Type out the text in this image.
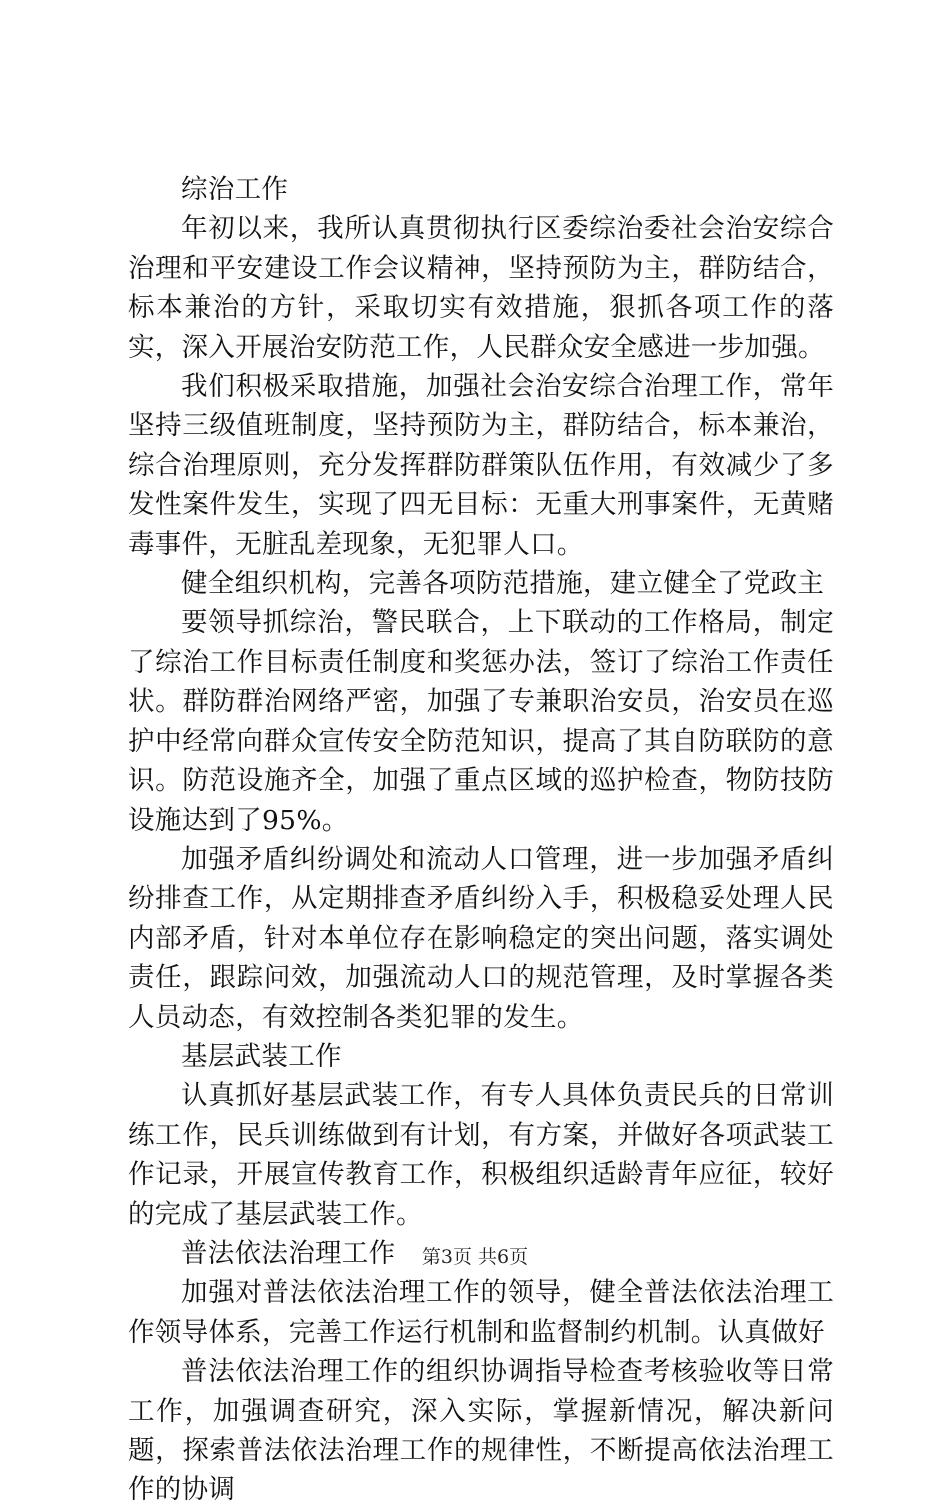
综治工作

年初以来，我所认真贯彻执行区委综治委社会治安综合治理和平安建设工作会议精神，坚持预防为主，群防结合，标本兼治的方针，采取切实有效措施，狠抓各项工作的落实，深入开展治安防范工作，人民群众安全感进一步加强。

我们积极采取措施，加强社会治安综合治理工作，常年坚持三级值班制度，坚持预防为主，群防结合，标本兼治，综合治理原则，充分发挥群防群策队伍作用，有效减少了多发性案件发生，实现了四无目标：无重大刑事案件，无黄赌毒事件，无脏乱差现象，无犯罪人口。

健全组织机构，完善各项防范措施，建立健全了党政主

要领导抓综治，警民联合，上下联动的工作格局，制定了综治工作目标责任制度和奖惩办法，签订了综治工作责任状。群防群治网络严密，加强了专兼职治安员，治安员在巡护中经常向群众宣传安全防范知识，提高了其自防联防的意识。防范设施齐全，加强了重点区域的巡护检查，物防技防设施达到了95%。

加强矛盾纠纷调处和流动人口管理，进一步加强矛盾纠纷排查工作，从定期排查矛盾纠纷入手，积极稳妥处理人民内部矛盾，针对本单位存在影响稳定的突出问题，落实调处责任，跟踪问效，加强流动人口的规范管理，及时掌握各类人员动态，有效控制各类犯罪的发生。

基层武装工作

认真抓好基层武装工作，有专人具体负责民兵的日常训练工作，民兵训练做到有计划，有方案，并做好各项武装工作记录，开展宣传教育工作，积极组织适龄青年应征，较好的完成了基层武装工作。

普法依法治理工作

加强对普法依法治理工作的领导，健全普法依法治理工作领导体系，完善工作运行机制和监督制约机制。认真做好

普法依法治理工作的组织协调指导检查考核验收等日常工作，加强调查研究，深入实际，掌握新情况，解决新问题，探索普法依法治理工作的规律性，不断提高依法治理工作的协调

第3页 共6页
